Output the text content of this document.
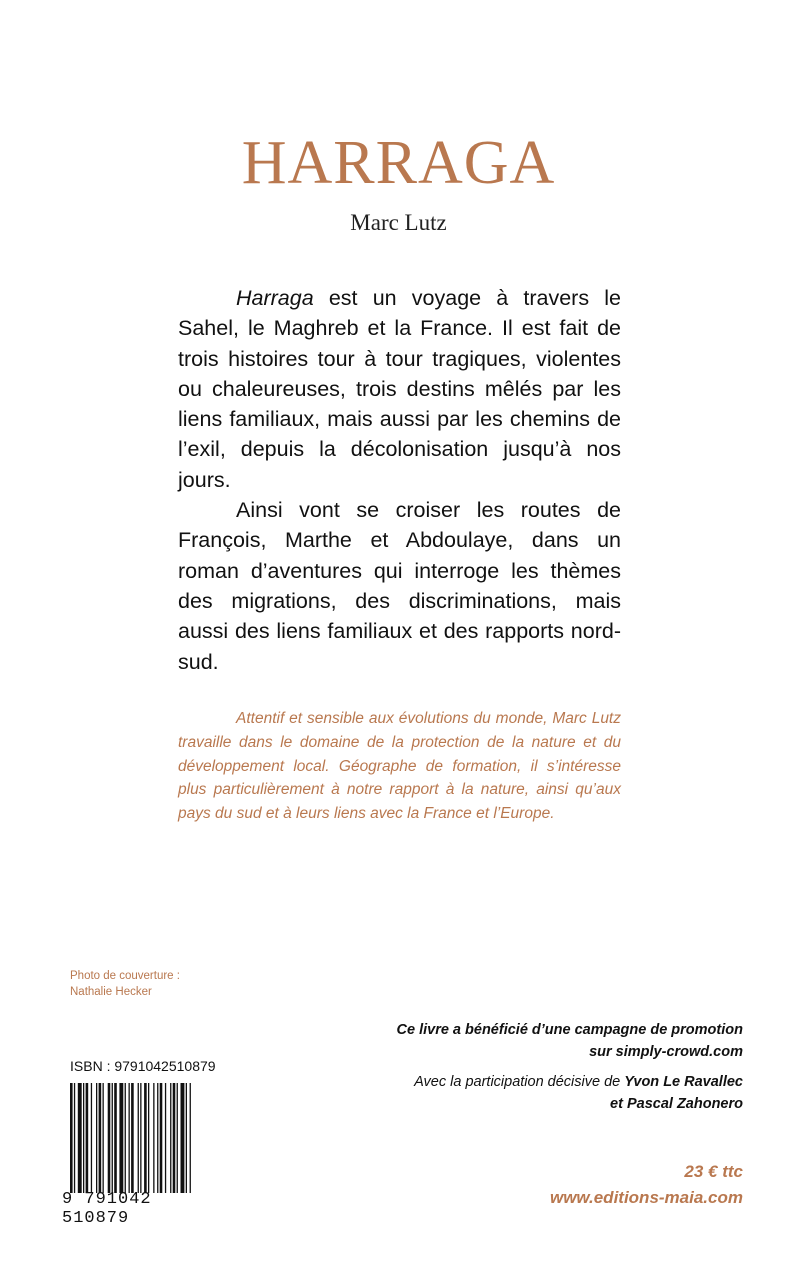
HARRAGA
Marc Lutz

Harraga est un voyage à travers le Sahel, le Maghreb et la France. Il est fait de trois histoires tour à tour tragiques, violentes ou chaleureuses, trois destins mêlés par les liens familiaux, mais aussi par les chemins de l’exil, depuis la décolonisation jusqu’à nos jours.

Ainsi vont se croiser les routes de François, Marthe et Abdoulaye, dans un roman d’aventures qui interroge les thèmes des migrations, des discriminations, mais aussi des liens familiaux et des rapports nord-sud.

Attentif et sensible aux évolutions du monde, Marc Lutz travaille dans le domaine de la protection de la nature et du développement local. Géographe de formation, il s’intéresse plus particulièrement à notre rapport à la nature, ainsi qu’aux pays du sud et à leurs liens avec la France et l’Europe.
Photo de couverture :
Nathalie Hecker
Ce livre a bénéficié d’une campagne de promotion
sur simply-crowd.com
Avec la participation décisive de Yvon Le Ravallec
et Pascal Zahonero
23 € ttc
www.editions-maia.com
ISBN : 9791042510879
9 791042 510879
